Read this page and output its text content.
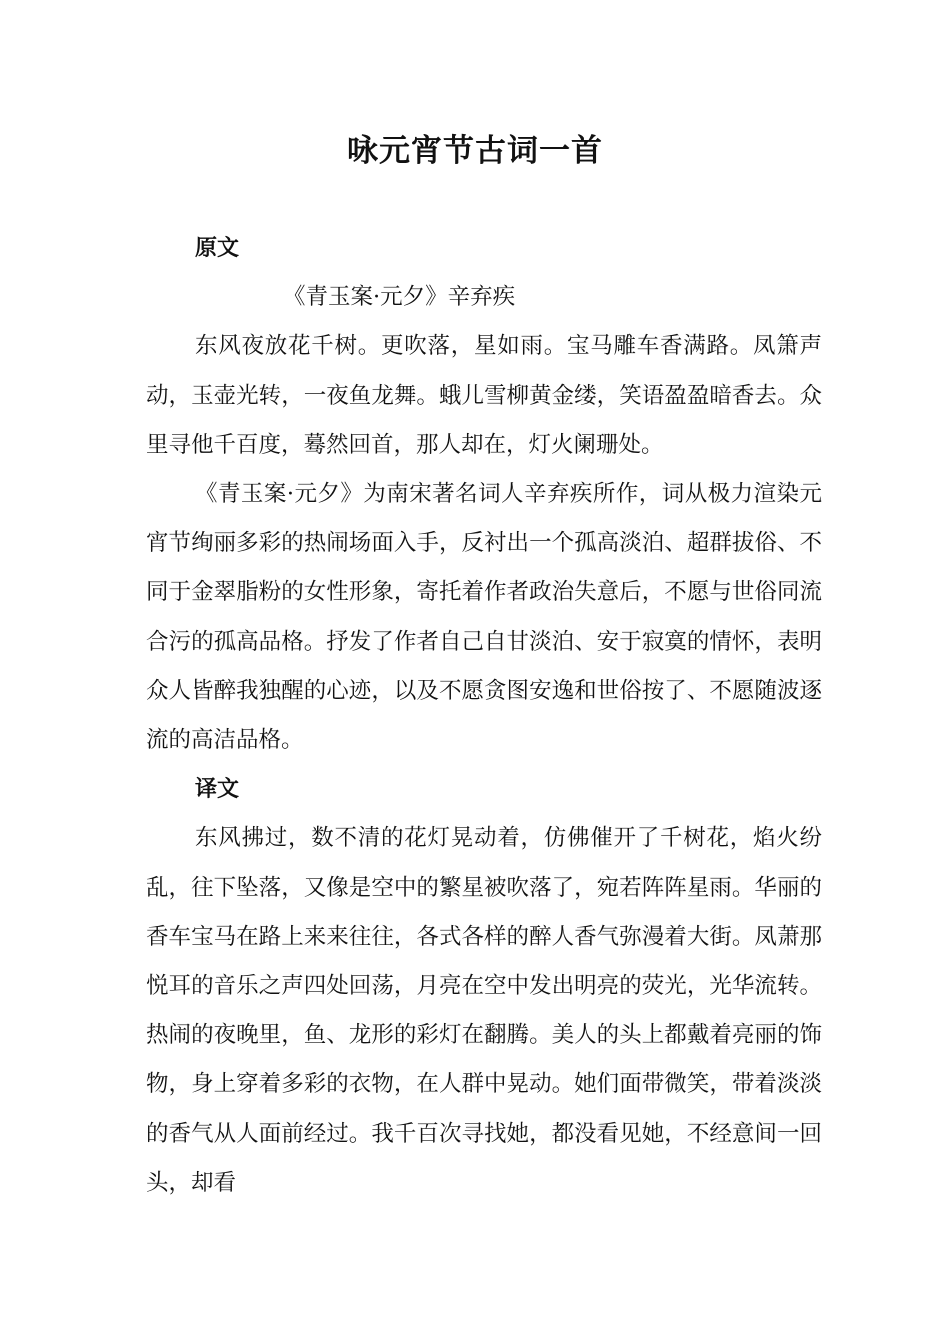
咏元宵节古词一首

原文

《青玉案·元夕》辛弃疾

东风夜放花千树。更吹落，星如雨。宝马雕车香满路。凤箫声动，玉壶光转，一夜鱼龙舞。蛾儿雪柳黄金缕，笑语盈盈暗香去。众里寻他千百度，蓦然回首，那人却在，灯火阑珊处。

《青玉案·元夕》为南宋著名词人辛弃疾所作，词从极力渲染元宵节绚丽多彩的热闹场面入手，反衬出一个孤高淡泊、超群拔俗、不同于金翠脂粉的女性形象，寄托着作者政治失意后，不愿与世俗同流合污的孤高品格。抒发了作者自己自甘淡泊、安于寂寞的情怀，表明众人皆醉我独醒的心迹，以及不愿贪图安逸和世俗按了、不愿随波逐流的高洁品格。

译文

东风拂过，数不清的花灯晃动着，仿佛催开了千树花，焰火纷乱，往下坠落，又像是空中的繁星被吹落了，宛若阵阵星雨。华丽的香车宝马在路上来来往往，各式各样的醉人香气弥漫着大街。凤萧那悦耳的音乐之声四处回荡，月亮在空中发出明亮的荧光，光华流转。热闹的夜晚里，鱼、龙形的彩灯在翻腾。美人的头上都戴着亮丽的饰物，身上穿着多彩的衣物，在人群中晃动。她们面带微笑，带着淡淡的香气从人面前经过。我千百次寻找她，都没看见她，不经意间一回头，却看
